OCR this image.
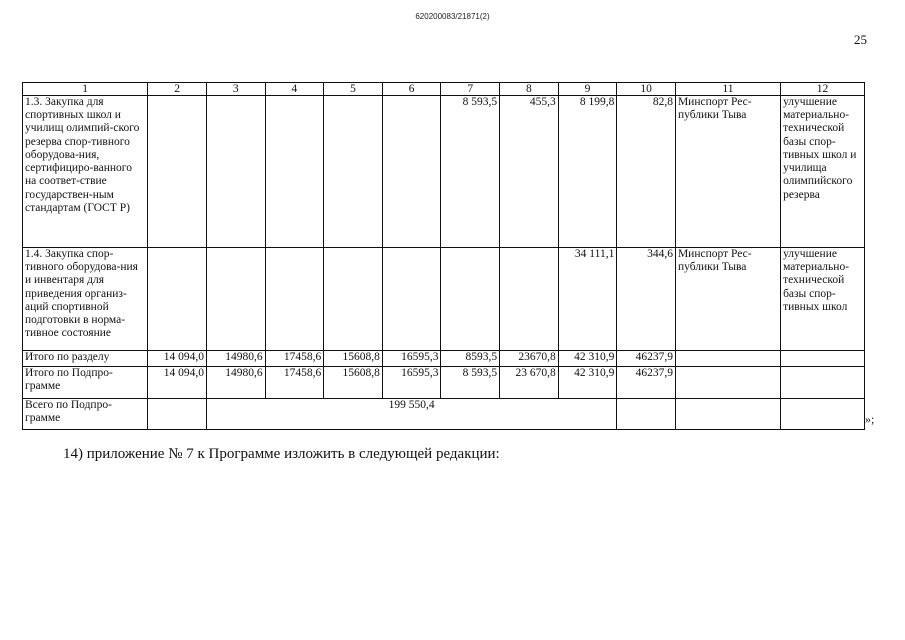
620200083/21871(2)
25
1	2	3	4	5	6	7	8	9	10	11	12
1.3. Закупка для спортивных школ и училищ олимпий-ского резерва спор-тивного оборудова-ния, сертифициро-ванного на соответ-ствие государствен-ным стандартам (ГОСТ Р)						8 593,5	455,3	8 199,8	82,8	Минспорт Рес-публики Тыва	улучшение материально-технической базы спор-тивных школ и училища олимпийского резерва
1.4. Закупка спор-тивного оборудова-ния и инвентаря для приведения организ-аций спортивной подготовки в норма-тивное состояние								34 111,1	344,6	Минспорт Рес-публики Тыва	улучшение материально-технической базы спор-тивных школ
Итого по разделу	14 094,0	14980,6	17458,6	15608,8	16595,3	8593,5	23670,8	42 310,9	46237,9		
Итого по Подпро-грамме	14 094,0	14980,6	17458,6	15608,8	16595,3	8 593,5	23 670,8	42 310,9	46237,9		
Всего по Подпро-грамме		199 550,4									
»;
14) приложение № 7 к Программе изложить в следующей редакции:
